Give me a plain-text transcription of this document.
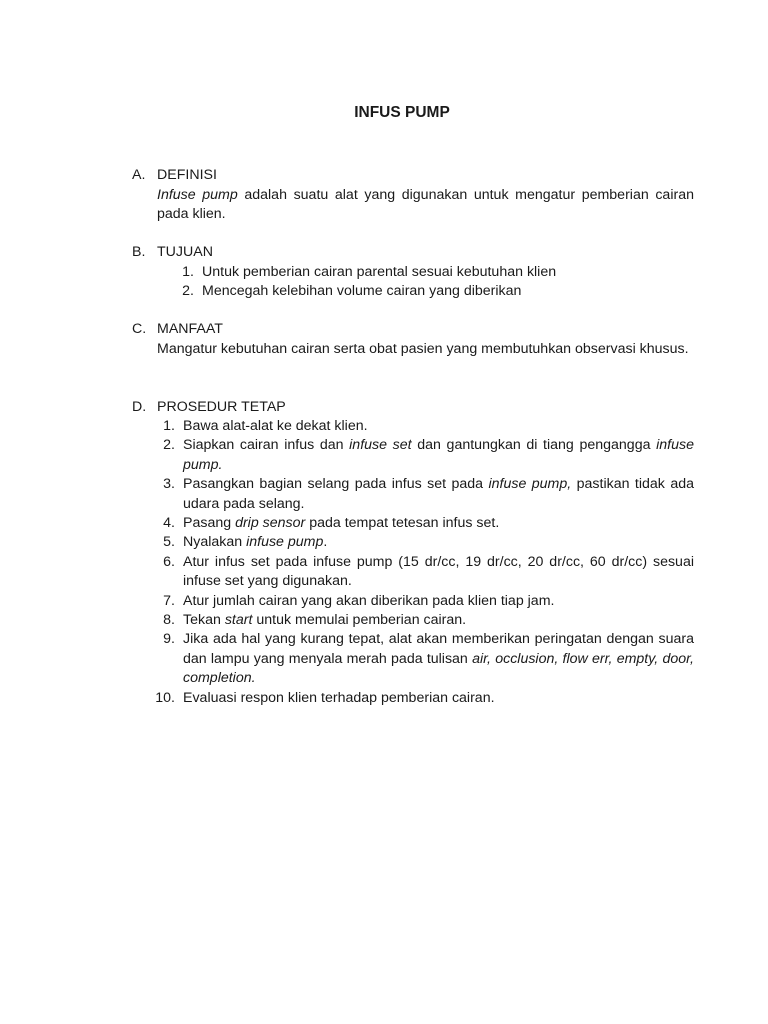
INFUS PUMP
A. DEFINISI
Infuse pump adalah suatu alat yang digunakan untuk mengatur pemberian cairan pada klien.
B. TUJUAN
1. Untuk pemberian cairan parental sesuai kebutuhan klien
2. Mencegah kelebihan volume cairan yang diberikan
C. MANFAAT
Mangatur kebutuhan cairan serta obat pasien yang membutuhkan observasi khusus.
D. PROSEDUR TETAP
1. Bawa alat-alat ke dekat klien.
2. Siapkan cairan infus dan infuse set dan gantungkan di tiang pengangga infuse pump.
3. Pasangkan bagian selang pada infus set pada infuse pump, pastikan tidak ada udara pada selang.
4. Pasang drip sensor pada tempat tetesan infus set.
5. Nyalakan infuse pump.
6. Atur infus set pada infuse pump (15 dr/cc, 19 dr/cc, 20 dr/cc, 60 dr/cc) sesuai infuse set yang digunakan.
7. Atur jumlah cairan yang akan diberikan pada klien tiap jam.
8. Tekan start untuk memulai pemberian cairan.
9. Jika ada hal yang kurang tepat, alat akan memberikan peringatan dengan suara dan lampu yang menyala merah pada tulisan air, occlusion, flow err, empty, door, completion.
10. Evaluasi respon klien terhadap pemberian cairan.
